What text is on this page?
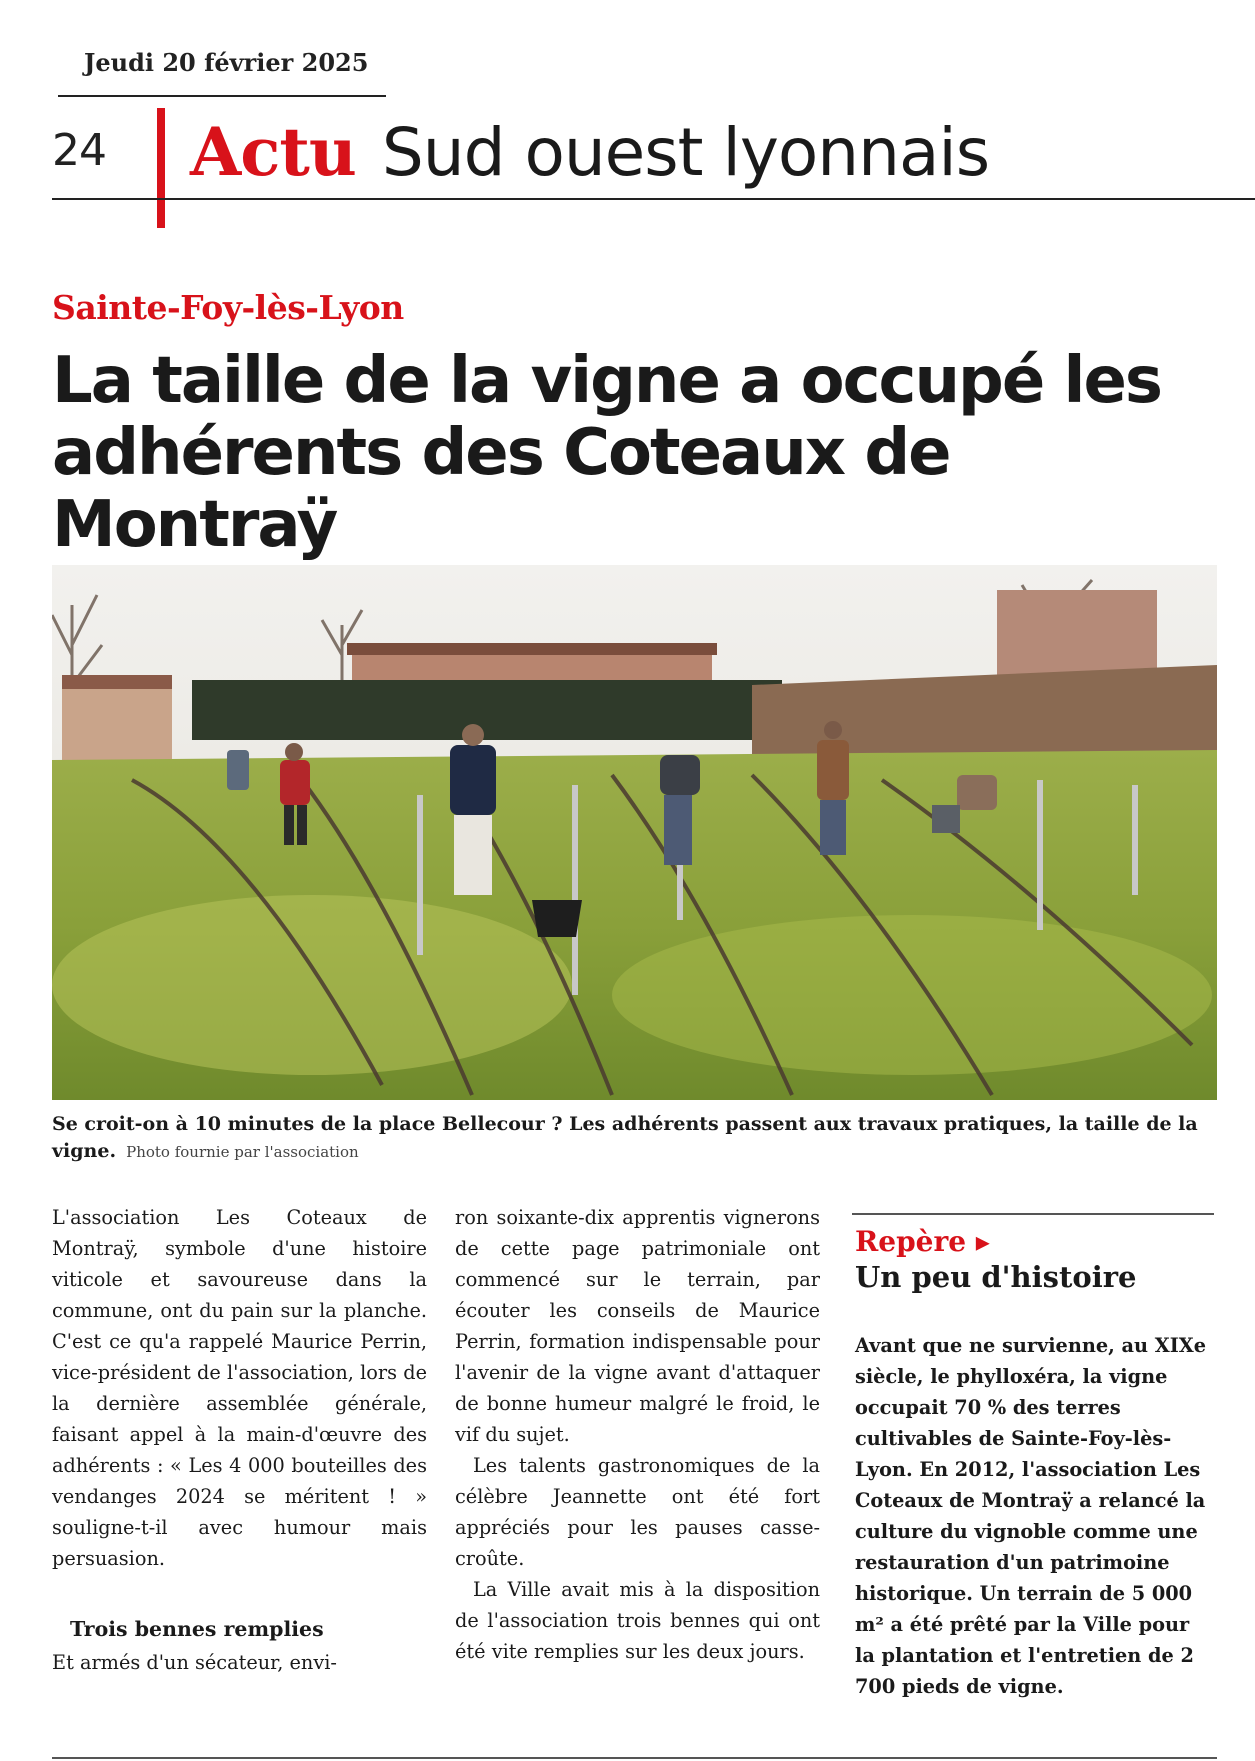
Jeudi 20 février 2025
24 Actu Sud ouest lyonnais
Sainte-Foy-lès-Lyon
La taille de la vigne a occupé les adhérents des Coteaux de Montraÿ
Se croit-on à 10 minutes de la place Bellecour ? Les adhérents passent aux travaux pratiques, la taille de la vigne. Photo fournie par l'association

L'association Les Coteaux de Montraÿ, symbole d'une histoire viticole et savoureuse dans la commune, ont du pain sur la planche. C'est ce qu'a rappelé Maurice Perrin, vice-président de l'association, lors de la dernière assemblée générale, faisant appel à la main-d'œuvre des adhérents : « Les 4 000 bouteilles des vendanges 2024 se méritent ! » souligne-t-il avec humour mais persuasion.

Trois bennes remplies

Et armés d'un sécateur, envi-

ron soixante-dix apprentis vignerons de cette page patrimoniale ont commencé sur le terrain, par écouter les conseils de Maurice Perrin, formation indispensable pour l'avenir de la vigne avant d'attaquer de bonne humeur malgré le froid, le vif du sujet.

Les talents gastronomiques de la célèbre Jeannette ont été fort appréciés pour les pauses casse-croûte.

La Ville avait mis à la disposition de l'association trois bennes qui ont été vite remplies sur les deux jours.

Repère ▸
Un peu d'histoire

Avant que ne survienne, au XIXe siècle, le phylloxéra, la vigne occupait 70 % des terres cultivables de Sainte-Foy-lès-Lyon. En 2012, l'association Les Coteaux de Montraÿ a relancé la culture du vignoble comme une restauration d'un patrimoine historique. Un terrain de 5 000 m² a été prêté par la Ville pour la plantation et l'entretien de 2 700 pieds de vigne.
